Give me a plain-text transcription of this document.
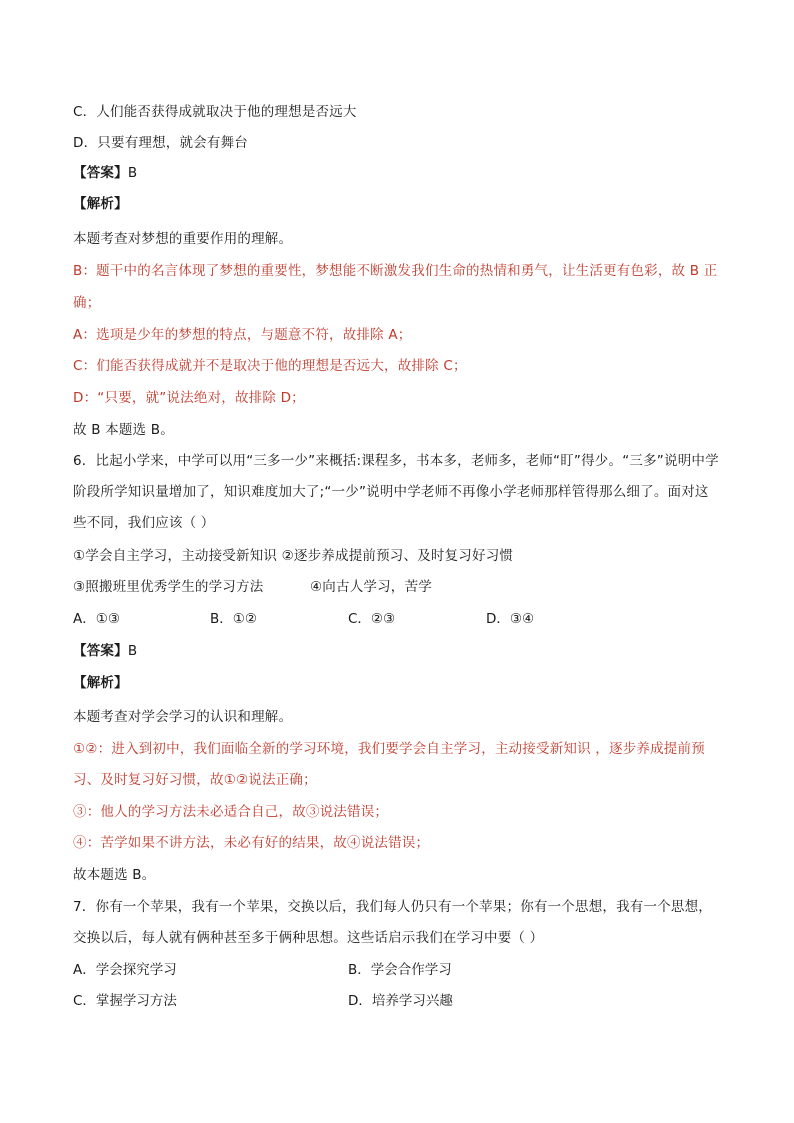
C．人们能否获得成就取决于他的理想是否远大
D．只要有理想，就会有舞台
【答案】B
【解析】
本题考查对梦想的重要作用的理解。
B：题干中的名言体现了梦想的重要性，梦想能不断激发我们生命的热情和勇气，让生活更有色彩，故 B 正
确；
A：选项是少年的梦想的特点，与题意不符，故排除 A；
C：们能否获得成就并不是取决于他的理想是否远大，故排除 C；
D：“只要，就”说法绝对，故排除 D；
故 B 本题选 B。
6．比起小学来，中学可以用“三多一少”来概括:课程多，书本多，老师多，老师“盯”得少。“三多”说明中学
阶段所学知识量增加了，知识难度加大了;“一少”说明中学老师不再像小学老师那样管得那么细了。面对这
些不同，我们应该（ ）
①学会自主学习，主动接受新知识 ②逐步养成提前预习、及时复习好习惯
③照搬班里优秀学生的学习方法	④向古人学习，苦学
A．①③	B．①②	C．②③	D．③④
【答案】B
【解析】
本题考查对学会学习的认识和理解。
①②：进入到初中，我们面临全新的学习环境，我们要学会自主学习，主动接受新知识 ，逐步养成提前预
习、及时复习好习惯，故①②说法正确；
③：他人的学习方法未必适合自己，故③说法错误；
④：苦学如果不讲方法，未必有好的结果，故④说法错误；
故本题选 B。
7．你有一个苹果，我有一个苹果，交换以后，我们每人仍只有一个苹果；你有一个思想，我有一个思想，
交换以后，每人就有俩种甚至多于俩种思想。这些话启示我们在学习中要（ ）
A．学会探究学习	B．学会合作学习
C．掌握学习方法	D．培养学习兴趣
